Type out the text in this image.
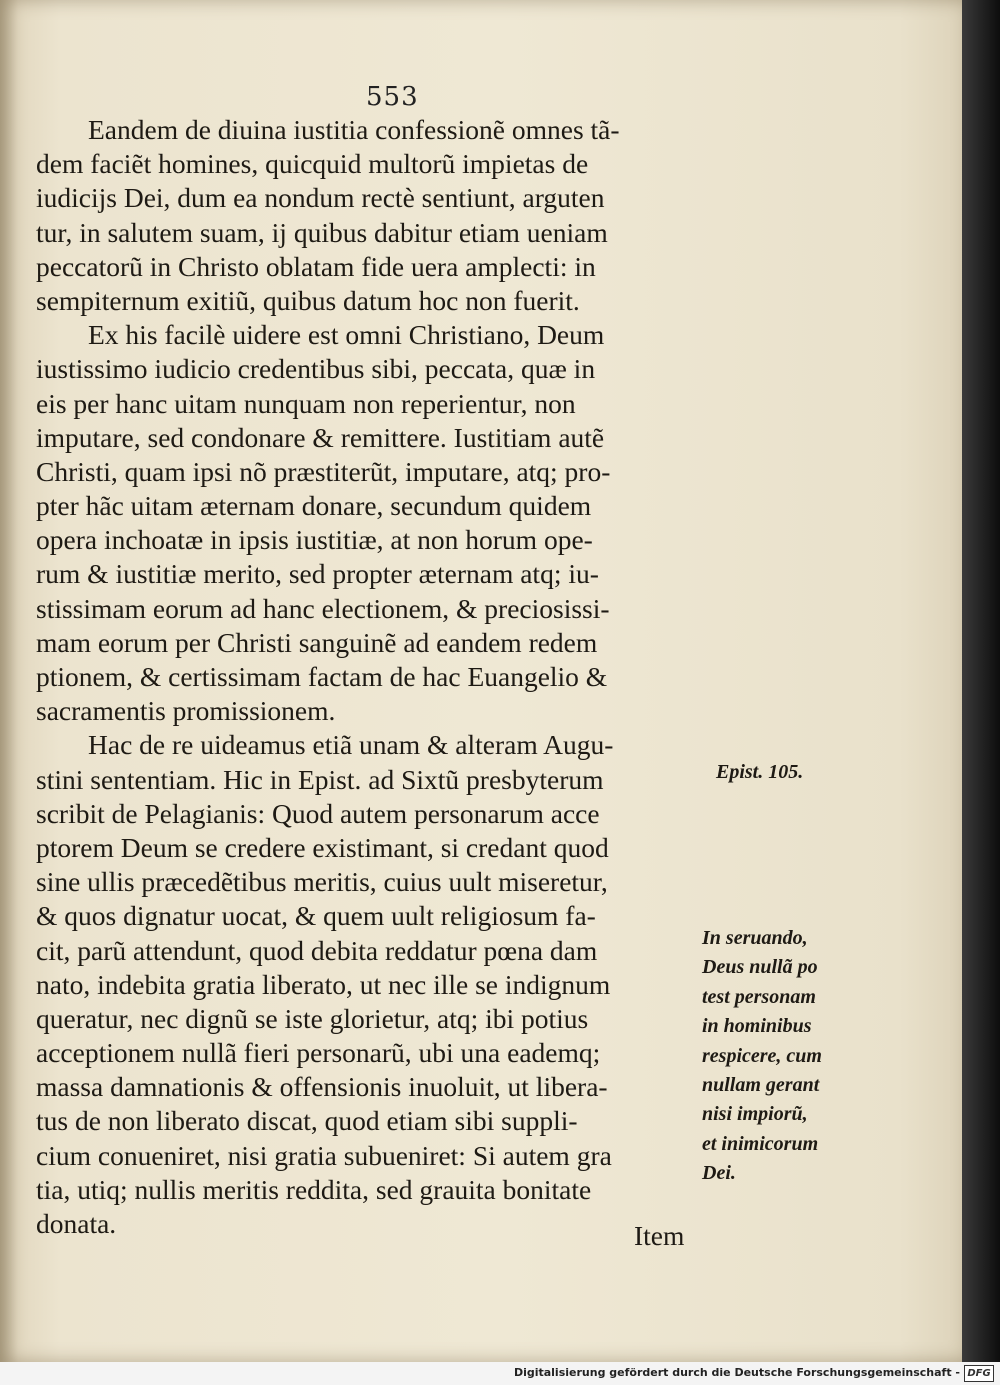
553
Eandem de diuina iustitia confessionẽ omnes tã-
dem faciẽt homines, quicquid multorũ impietas de
iudicijs Dei, dum ea nondum rectè sentiunt, arguten
tur, in salutem suam, ij quibus dabitur etiam ueniam
peccatorũ in Christo oblatam fide uera amplecti: in
sempiternum exitiũ, quibus datum hoc non fuerit.
Ex his facilè uidere est omni Christiano, Deum
iustissimo iudicio credentibus sibi, peccata, quæ in
eis per hanc uitam nunquam non reperientur, non
imputare, sed condonare & remittere. Iustitiam autẽ
Christi, quam ipsi nõ præstiterũt, imputare, atq; pro-
pter hãc uitam æternam donare, secundum quidem
opera inchoatæ in ipsis iustitiæ, at non horum ope-
rum & iustitiæ merito, sed propter æternam atq; iu-
stissimam eorum ad hanc electionem, & preciosissi-
mam eorum per Christi sanguinẽ ad eandem redem
ptionem, & certissimam factam de hac Euangelio &
sacramentis promissionem.
Hac de re uideamus etiã unam & alteram Augu-
stini sententiam. Hic in Epist. ad Sixtũ presbyterum
scribit de Pelagianis: Quod autem personarum acce
ptorem Deum se credere existimant, si credant quod
sine ullis præcedẽtibus meritis, cuius uult miseretur,
& quos dignatur uocat, & quem uult religiosum fa-
cit, parũ attendunt, quod debita reddatur pœna dam
nato, indebita gratia liberato, ut nec ille se indignum
queratur, nec dignũ se iste glorietur, atq; ibi potius
acceptionem nullã fieri personarũ, ubi una eademq;
massa damnationis & offensionis inuoluit, ut libera-
tus de non liberato discat, quod etiam sibi suppli-
cium conueniret, nisi gratia subueniret: Si autem gra
tia, utiq; nullis meritis reddita, sed grauita bonitate
donata.
Epist. 105.
In seruando,
Deus nullã po
test personam
in hominibus
respicere, cum
nullam gerant
nisi impiorũ,
et inimicorum
Dei.
Item
Digitalisierung gefördert durch die Deutsche Forschungsgemeinschaft - DFG
